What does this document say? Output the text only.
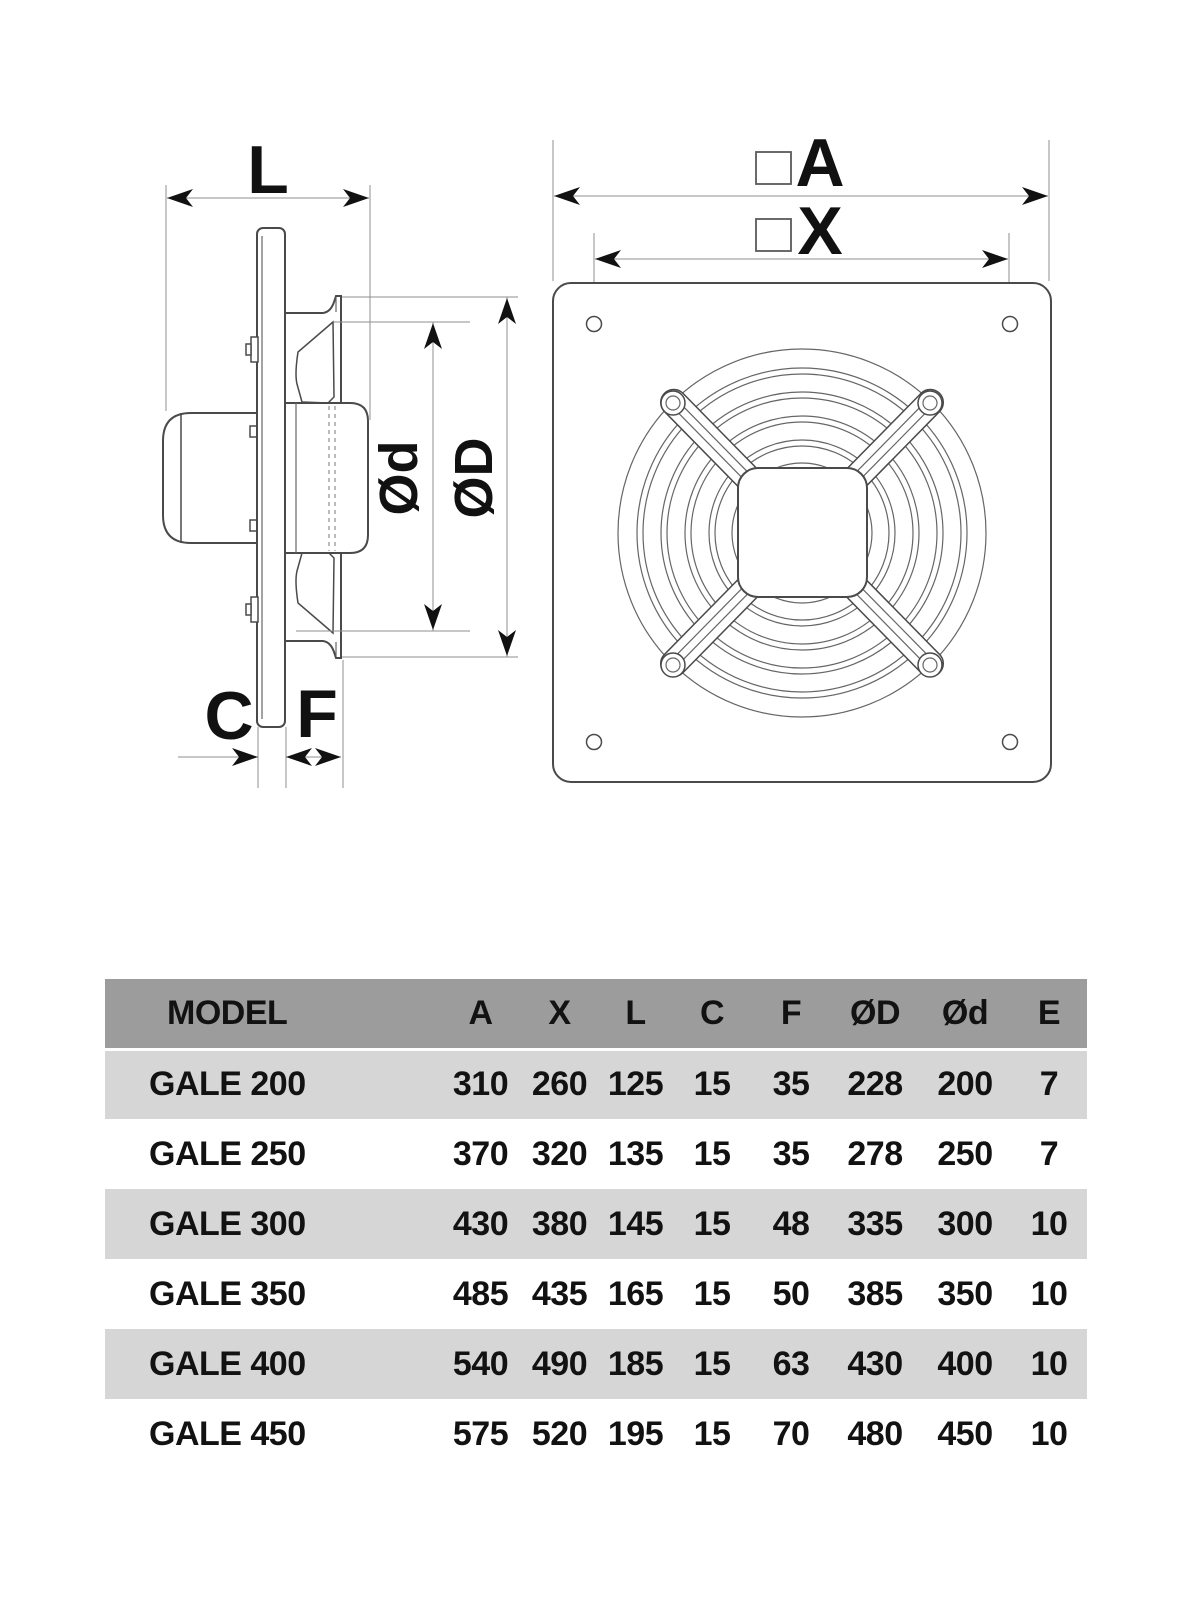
L
Ød ØD
C F
A
X
MODEL	A	X	L	C	F	ØD	Ød	E
GALE 200	310	260	125	15	35	228	200	7
GALE 250	370	320	135	15	35	278	250	7
GALE 300	430	380	145	15	48	335	300	10
GALE 350	485	435	165	15	50	385	350	10
GALE 400	540	490	185	15	63	430	400	10
GALE 450	575	520	195	15	70	480	450	10
